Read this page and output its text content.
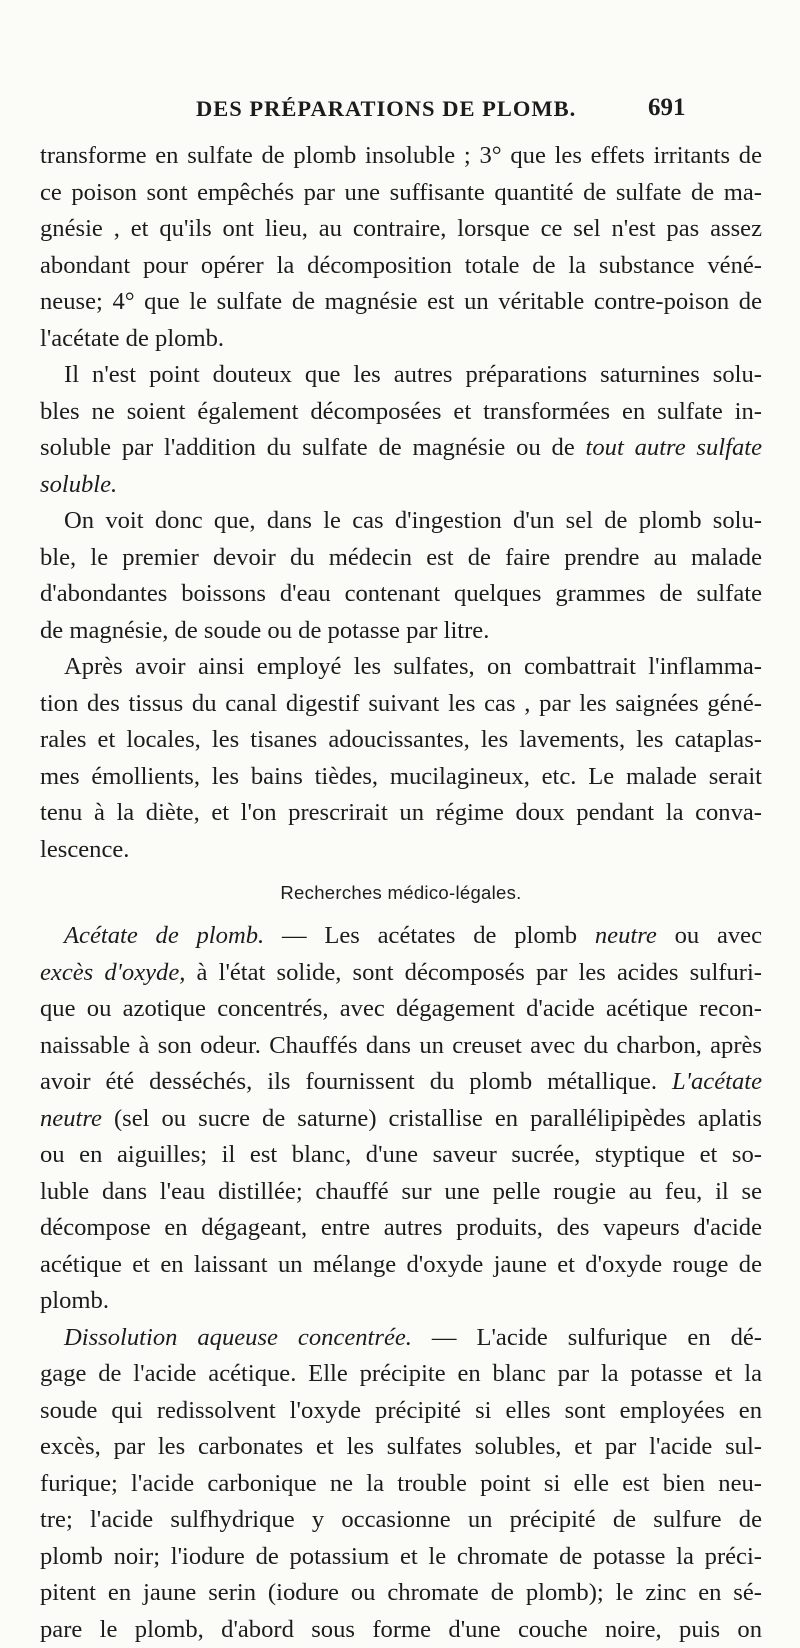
DES PRÉPARATIONS DE PLOMB.	691
transforme en sulfate de plomb insoluble ; 3° que les effets irritants de
ce poison sont empêchés par une suffisante quantité de sulfate de ma-
gnésie , et qu'ils ont lieu, au contraire, lorsque ce sel n'est pas assez
abondant pour opérer la décomposition totale de la substance véné-
neuse; 4° que le sulfate de magnésie est un véritable contre-poison de
l'acétate de plomb.
Il n'est point douteux que les autres préparations saturnines solu-
bles ne soient également décomposées et transformées en sulfate in-
soluble par l'addition du sulfate de magnésie ou de tout autre sulfate
soluble.
On voit donc que, dans le cas d'ingestion d'un sel de plomb solu-
ble, le premier devoir du médecin est de faire prendre au malade
d'abondantes boissons d'eau contenant quelques grammes de sulfate
de magnésie, de soude ou de potasse par litre.
Après avoir ainsi employé les sulfates, on combattrait l'inflamma-
tion des tissus du canal digestif suivant les cas , par les saignées géné-
rales et locales, les tisanes adoucissantes, les lavements, les cataplas-
mes émollients, les bains tièdes, mucilagineux, etc. Le malade serait
tenu à la diète, et l'on prescrirait un régime doux pendant la conva-
lescence.
Recherches médico-légales.
Acétate de plomb. — Les acétates de plomb neutre ou avec
excès d'oxyde, à l'état solide, sont décomposés par les acides sulfuri-
que ou azotique concentrés, avec dégagement d'acide acétique recon-
naissable à son odeur. Chauffés dans un creuset avec du charbon, après
avoir été desséchés, ils fournissent du plomb métallique. L'acétate
neutre (sel ou sucre de saturne) cristallise en parallélipipèdes aplatis
ou en aiguilles; il est blanc, d'une saveur sucrée, styptique et so-
luble dans l'eau distillée; chauffé sur une pelle rougie au feu, il se
décompose en dégageant, entre autres produits, des vapeurs d'acide
acétique et en laissant un mélange d'oxyde jaune et d'oxyde rouge de
plomb.
Dissolution aqueuse concentrée. — L'acide sulfurique en dé-
gage de l'acide acétique. Elle précipite en blanc par la potasse et la
soude qui redissolvent l'oxyde précipité si elles sont employées en
excès, par les carbonates et les sulfates solubles, et par l'acide sul-
furique; l'acide carbonique ne la trouble point si elle est bien neu-
tre; l'acide sulfhydrique y occasionne un précipité de sulfure de
plomb noir; l'iodure de potassium et le chromate de potasse la préci-
pitent en jaune serin (iodure ou chromate de plomb); le zinc en sé-
pare le plomb, d'abord sous forme d'une couche noire, puis on
